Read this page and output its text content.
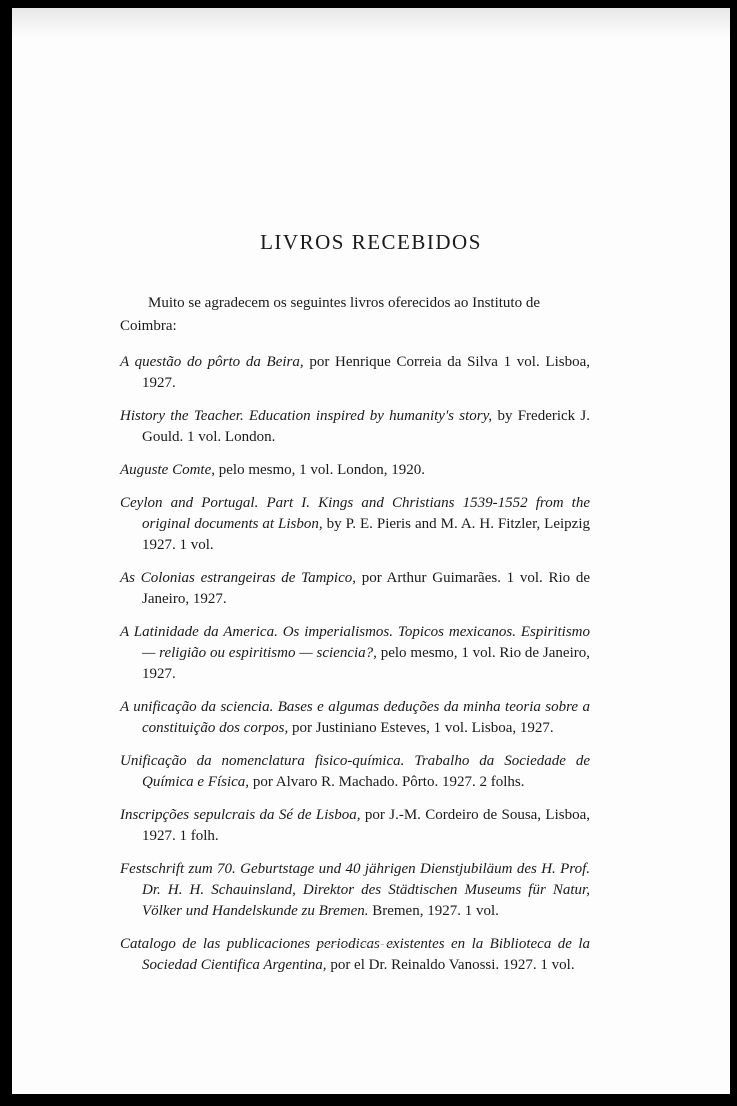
LIVROS RECEBIDOS

Muito se agradecem os seguintes livros oferecidos ao Instituto de Coimbra:

A questão do pôrto da Beira, por Henrique Correia da Silva 1 vol. Lisboa, 1927.
History the Teacher. Education inspired by humanity's story, by Frederick J. Gould. 1 vol. London.
Auguste Comte, pelo mesmo, 1 vol. London, 1920.
Ceylon and Portugal. Part I. Kings and Christians 1539-1552 from the original documents at Lisbon, by P. E. Pieris and M. A. H. Fitzler, Leipzig 1927. 1 vol.
As Colonias estrangeiras de Tampico, por Arthur Guimarães. 1 vol. Rio de Janeiro, 1927.
A Latinidade da America. Os imperialismos. Topicos mexicanos. Espiritismo — religião ou espiritismo — sciencia?, pelo mesmo, 1 vol. Rio de Janeiro, 1927.
A unificação da sciencia. Bases e algumas deduções da minha teoria sobre a constituição dos corpos, por Justiniano Esteves, 1 vol. Lisboa, 1927.
Unificação da nomenclatura fisico-química. Trabalho da Sociedade de Química e Física, por Alvaro R. Machado. Pôrto. 1927. 2 folhs.
Inscripções sepulcrais da Sé de Lisboa, por J.-M. Cordeiro de Sousa, Lisboa, 1927. 1 folh.
Festschrift zum 70. Geburtstage und 40 jährigen Dienstjubiläum des H. Prof. Dr. H. H. Schauinsland, Direktor des Städtischen Museums für Natur, Völker und Handelskunde zu Bremen. Bremen, 1927. 1 vol.
Catalogo de las publicaciones periodicas existentes en la Biblioteca de la Sociedad Cientifica Argentina, por el Dr. Reinaldo Vanossi. 1927. 1 vol.
